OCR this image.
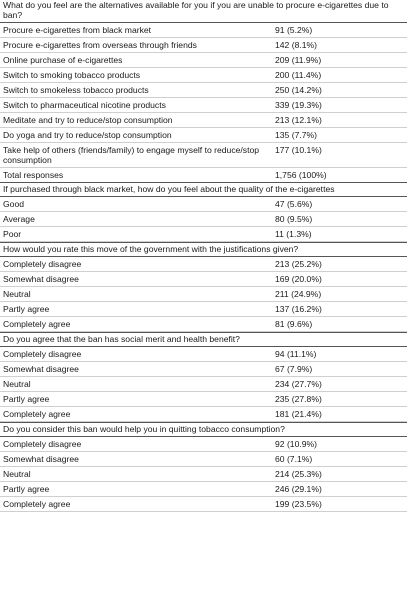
What do you feel are the alternatives available for you if you are unable to procure e-cigarettes due to ban?
Procure e-cigarettes from black market	91 (5.2%)
Procure e-cigarettes from overseas through friends	142 (8.1%)
Online purchase of e-cigarettes	209 (11.9%)
Switch to smoking tobacco products	200 (11.4%)
Switch to smokeless tobacco products	250 (14.2%)
Switch to pharmaceutical nicotine products	339 (19.3%)
Meditate and try to reduce/stop consumption	213 (12.1%)
Do yoga and try to reduce/stop consumption	135 (7.7%)
Take help of others (friends/family) to engage myself to reduce/stop consumption
177 (10.1%)
Total responses	1,756 (100%)
If purchased through black market, how do you feel about the quality of the e-cigarettes
Good	47 (5.6%)
Average	80 (9.5%)
Poor	11 (1.3%)
How would you rate this move of the government with the justifications given?
Completely disagree	213 (25.2%)
Somewhat disagree	169 (20.0%)
Neutral	211 (24.9%)
Partly agree	137 (16.2%)
Completely agree	81 (9.6%)
Do you agree that the ban has social merit and health benefit?
Completely disagree	94 (11.1%)
Somewhat disagree	67 (7.9%)
Neutral	234 (27.7%)
Partly agree	235 (27.8%)
Completely agree	181 (21.4%)
Do you consider this ban would help you in quitting tobacco consumption?
Completely disagree	92 (10.9%)
Somewhat disagree	60 (7.1%)
Neutral	214 (25.3%)
Partly agree	246 (29.1%)
Completely agree	199 (23.5%)
